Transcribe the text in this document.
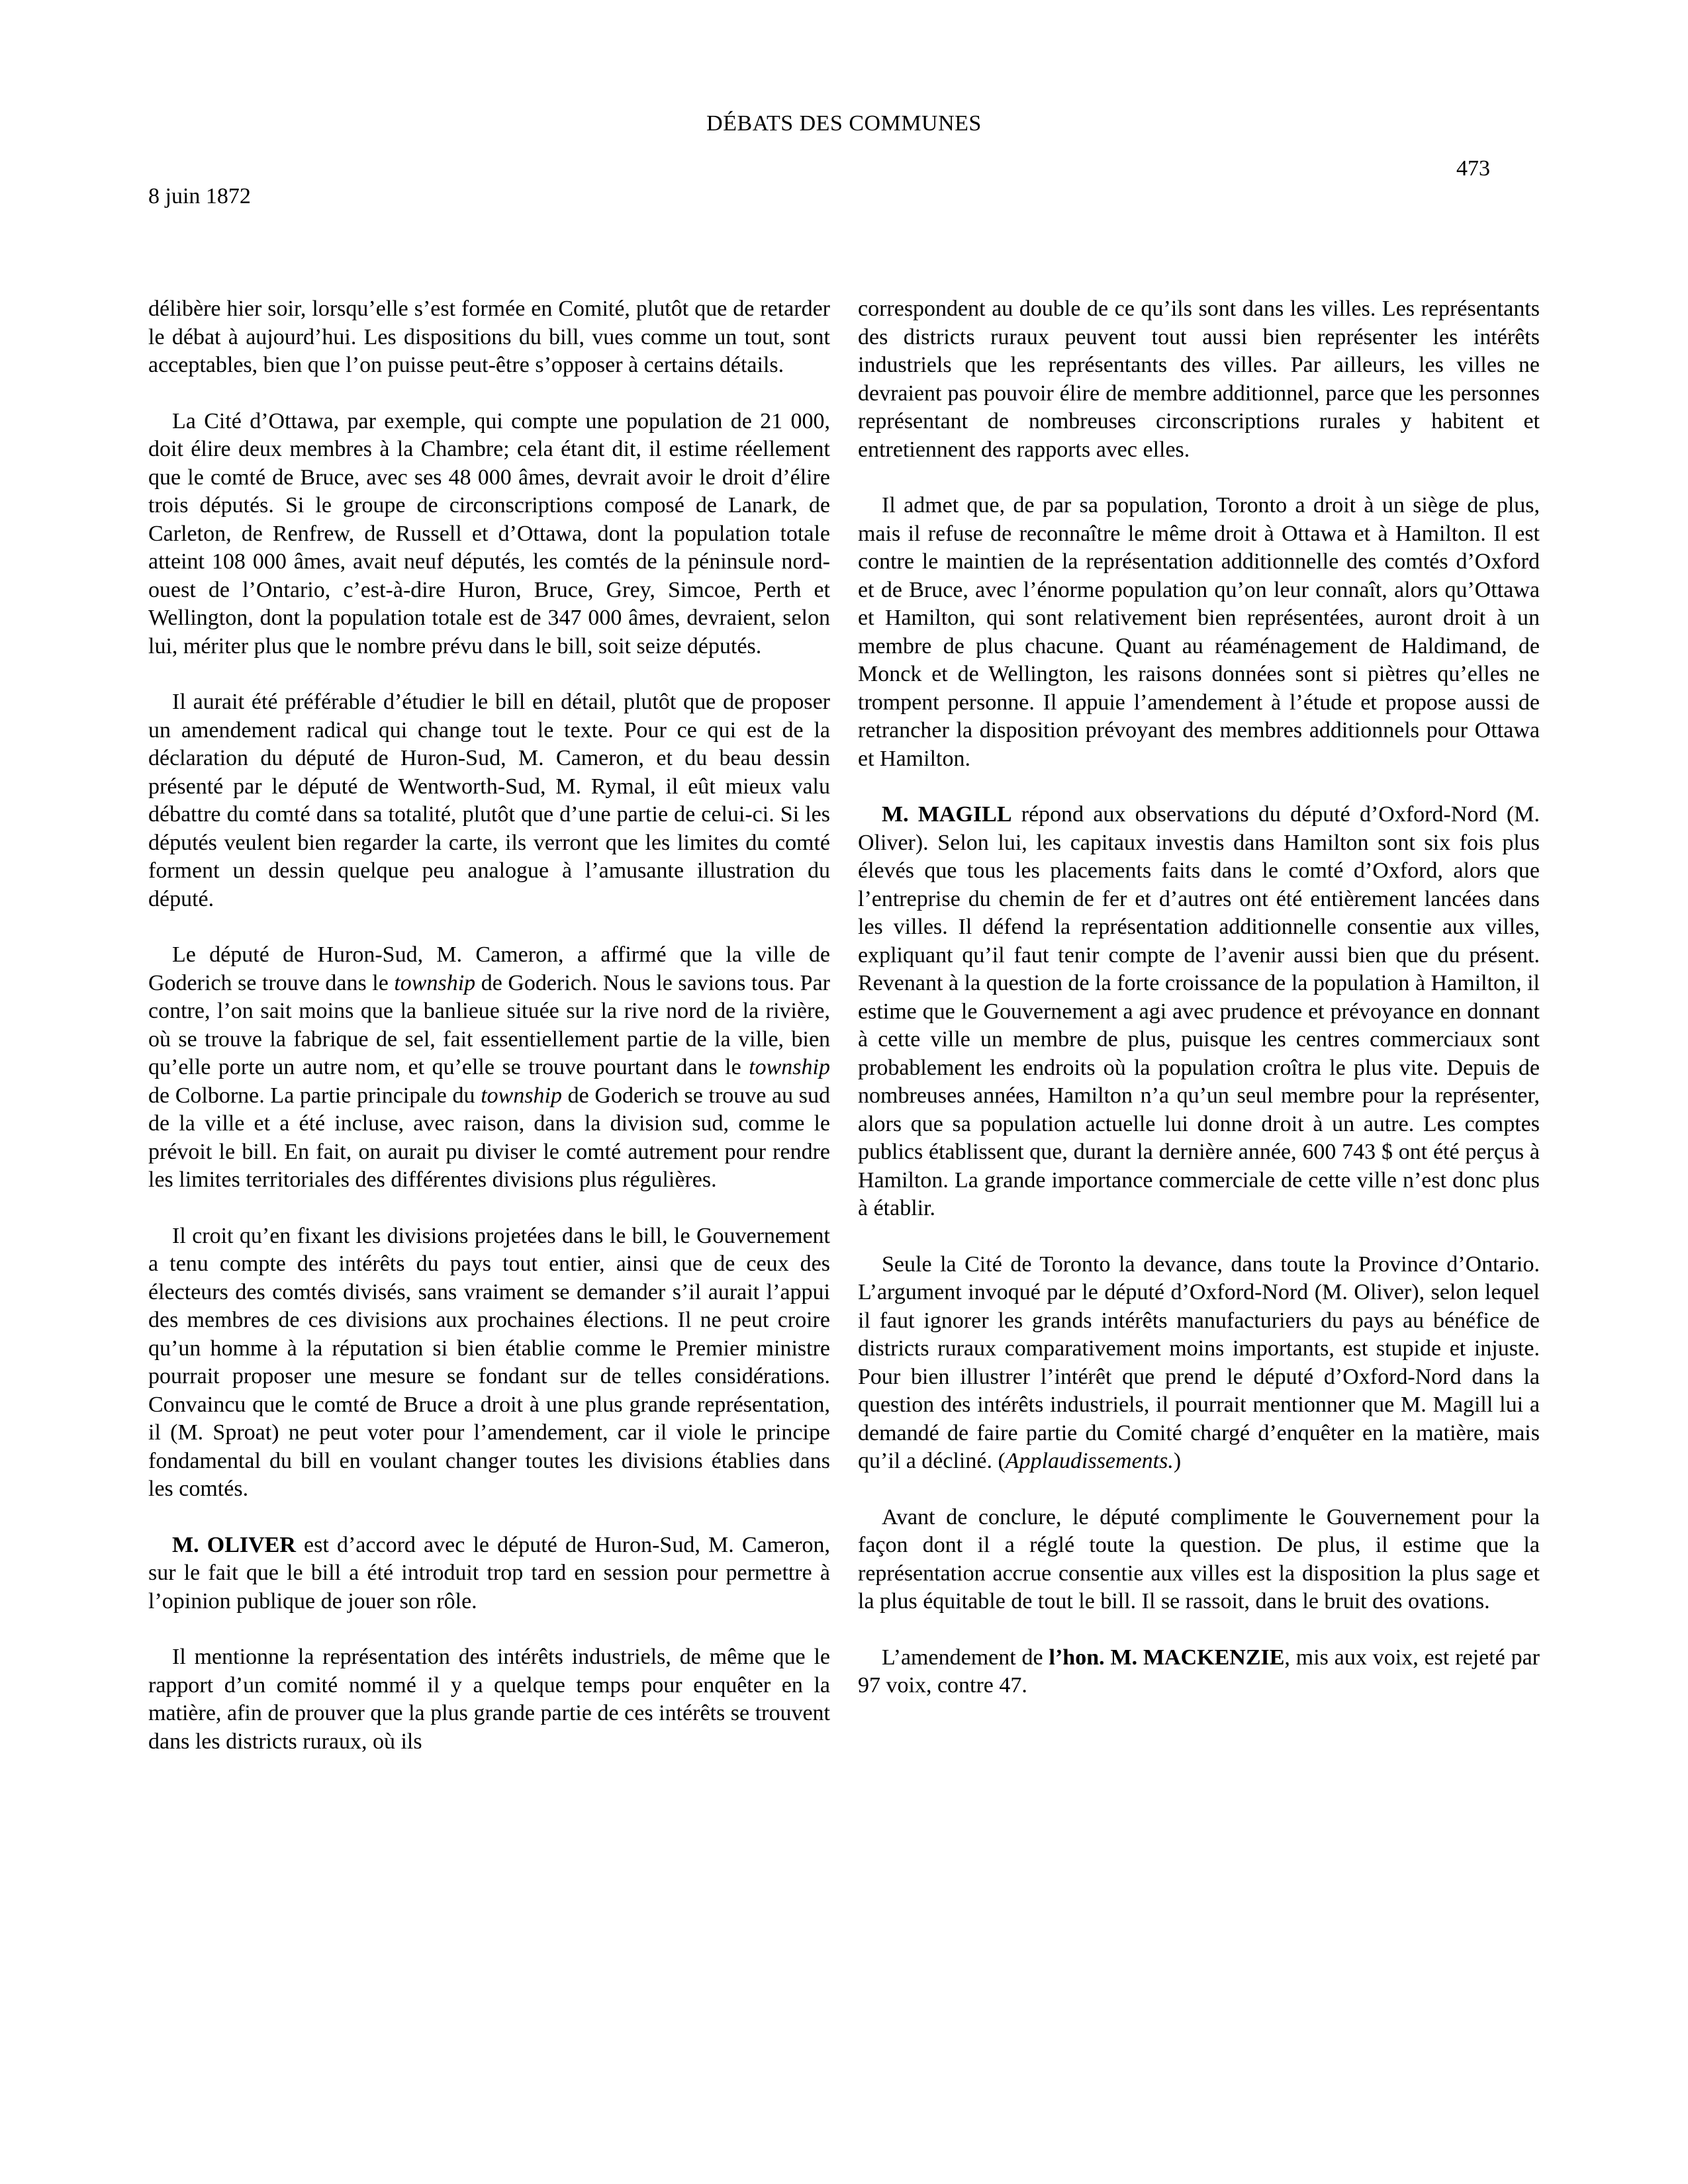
DÉBATS DES COMMUNES
473
8 juin 1872

délibère hier soir, lorsqu’elle s’est formée en Comité, plutôt que de retarder le débat à aujourd’hui. Les dispositions du bill, vues comme un tout, sont acceptables, bien que l’on puisse peut-être s’opposer à certains détails.

La Cité d’Ottawa, par exemple, qui compte une population de 21 000, doit élire deux membres à la Chambre; cela étant dit, il estime réellement que le comté de Bruce, avec ses 48 000 âmes, devrait avoir le droit d’élire trois députés. Si le groupe de circonscriptions composé de Lanark, de Carleton, de Renfrew, de Russell et d’Ottawa, dont la population totale atteint 108 000 âmes, avait neuf députés, les comtés de la péninsule nord-ouest de l’Ontario, c’est-à-dire Huron, Bruce, Grey, Simcoe, Perth et Wellington, dont la population totale est de 347 000 âmes, devraient, selon lui, mériter plus que le nombre prévu dans le bill, soit seize députés.

Il aurait été préférable d’étudier le bill en détail, plutôt que de proposer un amendement radical qui change tout le texte. Pour ce qui est de la déclaration du député de Huron-Sud, M. Cameron, et du beau dessin présenté par le député de Wentworth-Sud, M. Rymal, il eût mieux valu débattre du comté dans sa totalité, plutôt que d’une partie de celui-ci. Si les députés veulent bien regarder la carte, ils verront que les limites du comté forment un dessin quelque peu analogue à l’amusante illustration du député.

Le député de Huron-Sud, M. Cameron, a affirmé que la ville de Goderich se trouve dans le township de Goderich. Nous le savions tous. Par contre, l’on sait moins que la banlieue située sur la rive nord de la rivière, où se trouve la fabrique de sel, fait essentiellement partie de la ville, bien qu’elle porte un autre nom, et qu’elle se trouve pourtant dans le township de Colborne. La partie principale du township de Goderich se trouve au sud de la ville et a été incluse, avec raison, dans la division sud, comme le prévoit le bill. En fait, on aurait pu diviser le comté autrement pour rendre les limites territoriales des différentes divisions plus régulières.

Il croit qu’en fixant les divisions projetées dans le bill, le Gouvernement a tenu compte des intérêts du pays tout entier, ainsi que de ceux des électeurs des comtés divisés, sans vraiment se demander s’il aurait l’appui des membres de ces divisions aux prochaines élections. Il ne peut croire qu’un homme à la réputation si bien établie comme le Premier ministre pourrait proposer une mesure se fondant sur de telles considérations. Convaincu que le comté de Bruce a droit à une plus grande représentation, il (M. Sproat) ne peut voter pour l’amendement, car il viole le principe fondamental du bill en voulant changer toutes les divisions établies dans les comtés.

M. OLIVER est d’accord avec le député de Huron-Sud, M. Cameron, sur le fait que le bill a été introduit trop tard en session pour permettre à l’opinion publique de jouer son rôle.

Il mentionne la représentation des intérêts industriels, de même que le rapport d’un comité nommé il y a quelque temps pour enquêter en la matière, afin de prouver que la plus grande partie de ces intérêts se trouvent dans les districts ruraux, où ils

correspondent au double de ce qu’ils sont dans les villes. Les représentants des districts ruraux peuvent tout aussi bien représenter les intérêts industriels que les représentants des villes. Par ailleurs, les villes ne devraient pas pouvoir élire de membre additionnel, parce que les personnes représentant de nombreuses circonscriptions rurales y habitent et entretiennent des rapports avec elles.

Il admet que, de par sa population, Toronto a droit à un siège de plus, mais il refuse de reconnaître le même droit à Ottawa et à Hamilton. Il est contre le maintien de la représentation additionnelle des comtés d’Oxford et de Bruce, avec l’énorme population qu’on leur connaît, alors qu’Ottawa et Hamilton, qui sont relativement bien représentées, auront droit à un membre de plus chacune. Quant au réaménagement de Haldimand, de Monck et de Wellington, les raisons données sont si piètres qu’elles ne trompent personne. Il appuie l’amendement à l’étude et propose aussi de retrancher la disposition prévoyant des membres additionnels pour Ottawa et Hamilton.

M. MAGILL répond aux observations du député d’Oxford-Nord (M. Oliver). Selon lui, les capitaux investis dans Hamilton sont six fois plus élevés que tous les placements faits dans le comté d’Oxford, alors que l’entreprise du chemin de fer et d’autres ont été entièrement lancées dans les villes. Il défend la représentation additionnelle consentie aux villes, expliquant qu’il faut tenir compte de l’avenir aussi bien que du présent. Revenant à la question de la forte croissance de la population à Hamilton, il estime que le Gouvernement a agi avec prudence et prévoyance en donnant à cette ville un membre de plus, puisque les centres commerciaux sont probablement les endroits où la population croîtra le plus vite. Depuis de nombreuses années, Hamilton n’a qu’un seul membre pour la représenter, alors que sa population actuelle lui donne droit à un autre. Les comptes publics établissent que, durant la dernière année, 600 743 $ ont été perçus à Hamilton. La grande importance commerciale de cette ville n’est donc plus à établir.

Seule la Cité de Toronto la devance, dans toute la Province d’Ontario. L’argument invoqué par le député d’Oxford-Nord (M. Oliver), selon lequel il faut ignorer les grands intérêts manufacturiers du pays au bénéfice de districts ruraux comparativement moins importants, est stupide et injuste. Pour bien illustrer l’intérêt que prend le député d’Oxford-Nord dans la question des intérêts industriels, il pourrait mentionner que M. Magill lui a demandé de faire partie du Comité chargé d’enquêter en la matière, mais qu’il a décliné. (Applaudissements.)

Avant de conclure, le député complimente le Gouvernement pour la façon dont il a réglé toute la question. De plus, il estime que la représentation accrue consentie aux villes est la disposition la plus sage et la plus équitable de tout le bill. Il se rassoit, dans le bruit des ovations.

L’amendement de l’hon. M. MACKENZIE, mis aux voix, est rejeté par 97 voix, contre 47.
